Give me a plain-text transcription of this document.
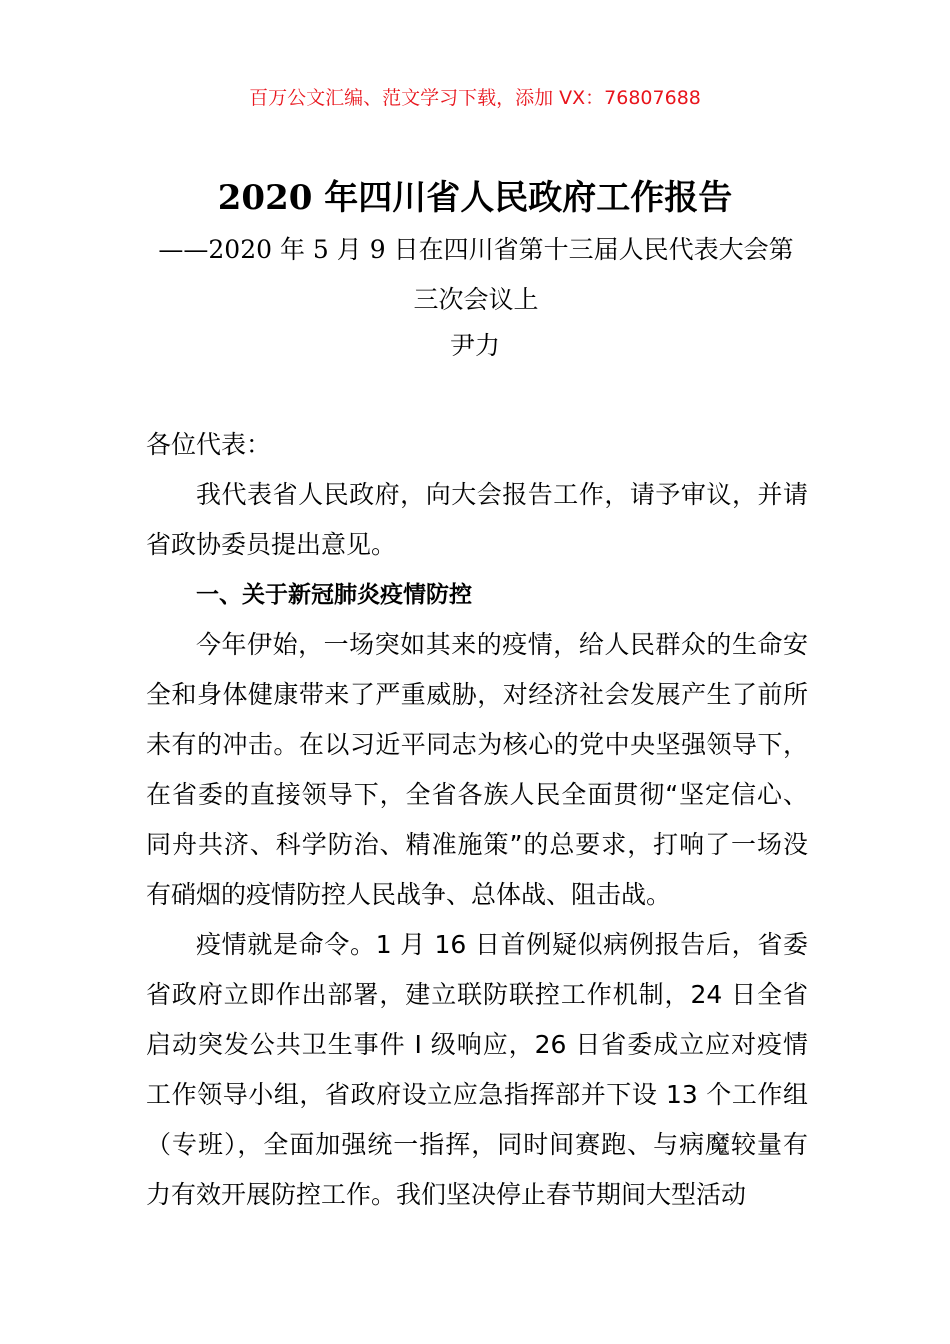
百万公文汇编、范文学习下载，添加 VX：76807688
2020 年四川省人民政府工作报告
——2020 年 5 月 9 日在四川省第十三届人民代表大会第三次会议上
尹力

各位代表：

我代表省人民政府，向大会报告工作，请予审议，并请省政协委员提出意见。

一、关于新冠肺炎疫情防控

今年伊始，一场突如其来的疫情，给人民群众的生命安全和身体健康带来了严重威胁，对经济社会发展产生了前所未有的冲击。在以习近平同志为核心的党中央坚强领导下，在省委的直接领导下，全省各族人民全面贯彻“坚定信心、同舟共济、科学防治、精准施策”的总要求，打响了一场没有硝烟的疫情防控人民战争、总体战、阻击战。

疫情就是命令。1 月 16 日首例疑似病例报告后，省委省政府立即作出部署，建立联防联控工作机制，24 日全省启动突发公共卫生事件 I 级响应，26 日省委成立应对疫情工作领导小组，省政府设立应急指挥部并下设 13 个工作组（专班），全面加强统一指挥，同时间赛跑、与病魔较量有力有效开展防控工作。我们坚决停止春节期间大型活动
